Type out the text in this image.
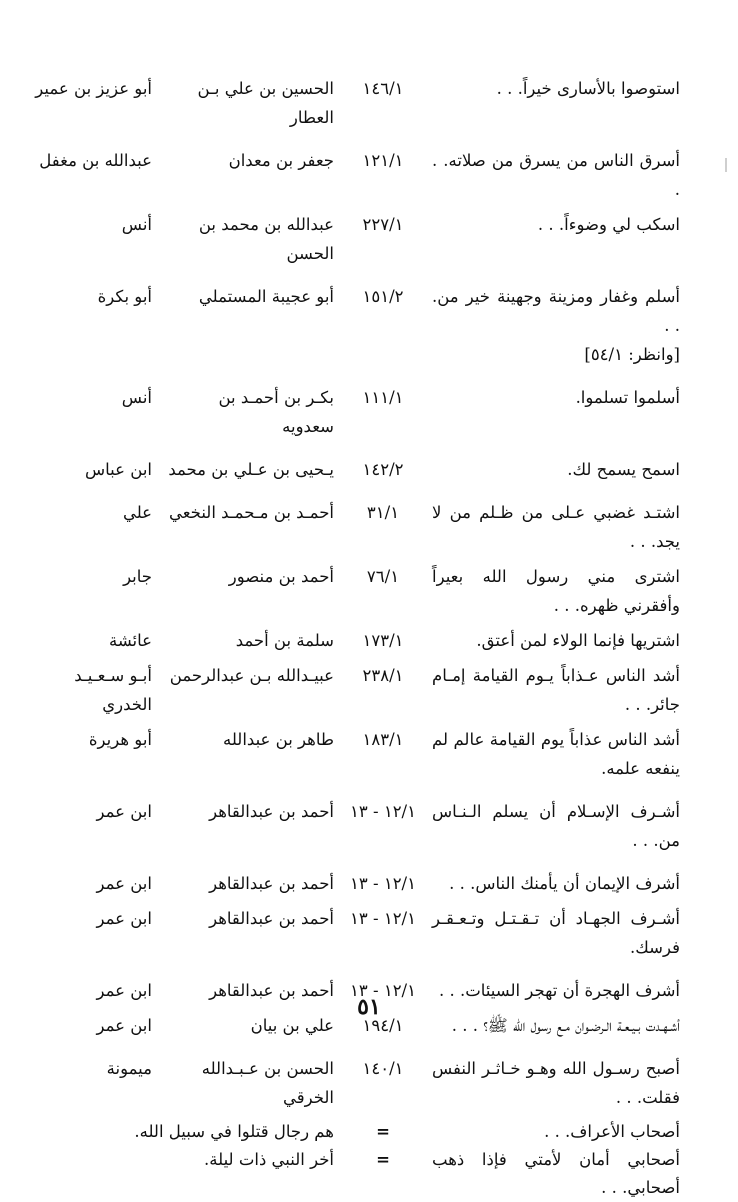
استوصوا بالأسارى خيراً. . .
١٤٦/١
الحسين بن علي بـن العطار
أبو عزيز بن عمير
أسرق الناس من يسرق من صلاته. . .
١٢١/١
جعفر بن معدان
عبدالله بن مغفل
اسكب لي وضوءاً. . .
٢٢٧/١
عبدالله بن محمد بن الحسن
أنس
أسلم وغفار ومزينة وجهينة خير من. . .
[وانظر: ٥٤/١]
١٥١/٢
أبو عجيبة المستملي
أبو بكرة
أسلموا تسلموا.
١١١/١
بكـر بن أحمـد بن سعدويه
أنس
اسمح يسمح لك.
١٤٢/٢
يـحيى بن عـلي بن محمد
ابن عباس
اشتـد غضبي عـلى من ظـلم من لا يجد. . .
٣١/١
أحمـد بن مـحمـد النخعي
علي
اشترى مني رسول الله بعيراً وأفقرني ظهره. . .
٧٦/١
أحمد بن منصور
جابر
اشتريها فإنما الولاء لمن أعتق.
١٧٣/١
سلمة بن أحمد
عائشة
أشد الناس عـذاباً يـوم القيامة إمـام جائر. . .
٢٣٨/١
عبيـدالله بـن عبدالرحمن
أبـو سـعـيـد الخدري
أشد الناس عذاباً يوم القيامة عالم لم ينفعه علمه.
١٨٣/١
طاهر بن عبدالله
أبو هريرة
أشـرف الإسـلام أن يسلم الـنـاس من. . .
١٢/١ - ١٣
أحمد بن عبدالقاهر
ابن عمر
أشرف الإيمان أن يأمنك الناس. . .
١٢/١ - ١٣
أحمد بن عبدالقاهر
ابن عمر
أشـرف الجهـاد أن تـقـتـل وتـعـقـر فرسك.
١٢/١ - ١٣
أحمد بن عبدالقاهر
ابن عمر
أشرف الهجرة أن تهجر السيئات. . .
١٢/١ - ١٣
أحمد بن عبدالقاهر
ابن عمر
أشـهـدت بـيـعـة الـرضـوان مـع رسول الله ﷺ؟ . . .
١٩٤/١
علي بن بيان
ابن عمر
أصبح رسـول الله وهـو خـاثـر النفس فقلت. . .
١٤٠/١
الحسن بن عـبـدالله الخرقي
ميمونة
أصحاب الأعراف. . .
=
هم رجال قتلوا في سبيل الله.
أصحابي أمان لأمتي فإذا ذهب أصحابي. . .
=
أخر النبي ذات ليلة.
٥١
